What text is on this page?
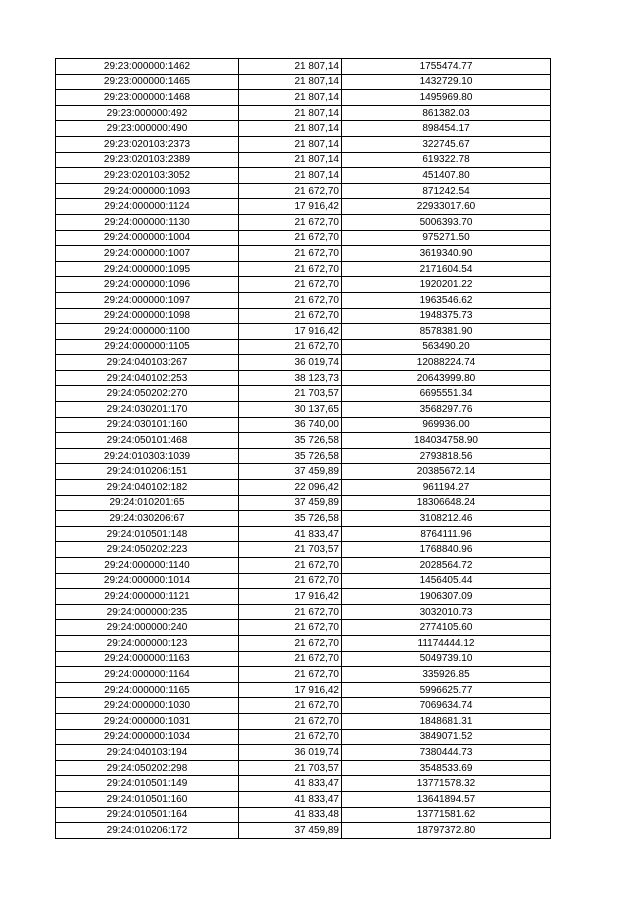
29:23:000000:1462	21 807,14	1755474.77
29:23:000000:1465	21 807,14	1432729.10
29:23:000000:1468	21 807,14	1495969.80
29:23:000000:492	21 807,14	861382.03
29:23:000000:490	21 807,14	898454.17
29:23:020103:2373	21 807,14	322745.67
29:23:020103:2389	21 807,14	619322.78
29:23:020103:3052	21 807,14	451407.80
29:24:000000:1093	21 672,70	871242.54
29:24:000000:1124	17 916,42	22933017.60
29:24:000000:1130	21 672,70	5006393.70
29:24:000000:1004	21 672,70	975271.50
29:24:000000:1007	21 672,70	3619340.90
29:24:000000:1095	21 672,70	2171604.54
29:24:000000:1096	21 672,70	1920201.22
29:24:000000:1097	21 672,70	1963546.62
29:24:000000:1098	21 672,70	1948375.73
29:24:000000:1100	17 916,42	8578381.90
29:24:000000:1105	21 672,70	563490.20
29:24:040103:267	36 019,74	12088224.74
29:24:040102:253	38 123,73	20643999.80
29:24:050202:270	21 703,57	6695551.34
29:24:030201:170	30 137,65	3568297.76
29:24:030101:160	36 740,00	969936.00
29:24:050101:468	35 726,58	184034758.90
29:24:010303:1039	35 726,58	2793818.56
29:24:010206:151	37 459,89	20385672.14
29:24:040102:182	22 096,42	961194.27
29:24:010201:65	37 459,89	18306648.24
29:24:030206:67	35 726,58	3108212.46
29:24:010501:148	41 833,47	8764111.96
29:24:050202:223	21 703,57	1768840.96
29:24:000000:1140	21 672,70	2028564.72
29:24:000000:1014	21 672,70	1456405.44
29:24:000000:1121	17 916,42	1906307.09
29:24:000000:235	21 672,70	3032010.73
29:24:000000:240	21 672,70	2774105.60
29:24:000000:123	21 672,70	11174444.12
29:24:000000:1163	21 672,70	5049739.10
29:24:000000:1164	21 672,70	335926.85
29:24:000000:1165	17 916,42	5996625.77
29:24:000000:1030	21 672,70	7069634.74
29:24:000000:1031	21 672,70	1848681.31
29:24:000000:1034	21 672,70	3849071.52
29:24:040103:194	36 019,74	7380444.73
29:24:050202:298	21 703,57	3548533.69
29:24:010501:149	41 833,47	13771578.32
29:24:010501:160	41 833,47	13641894.57
29:24:010501:164	41 833,48	13771581.62
29:24:010206:172	37 459,89	18797372.80
